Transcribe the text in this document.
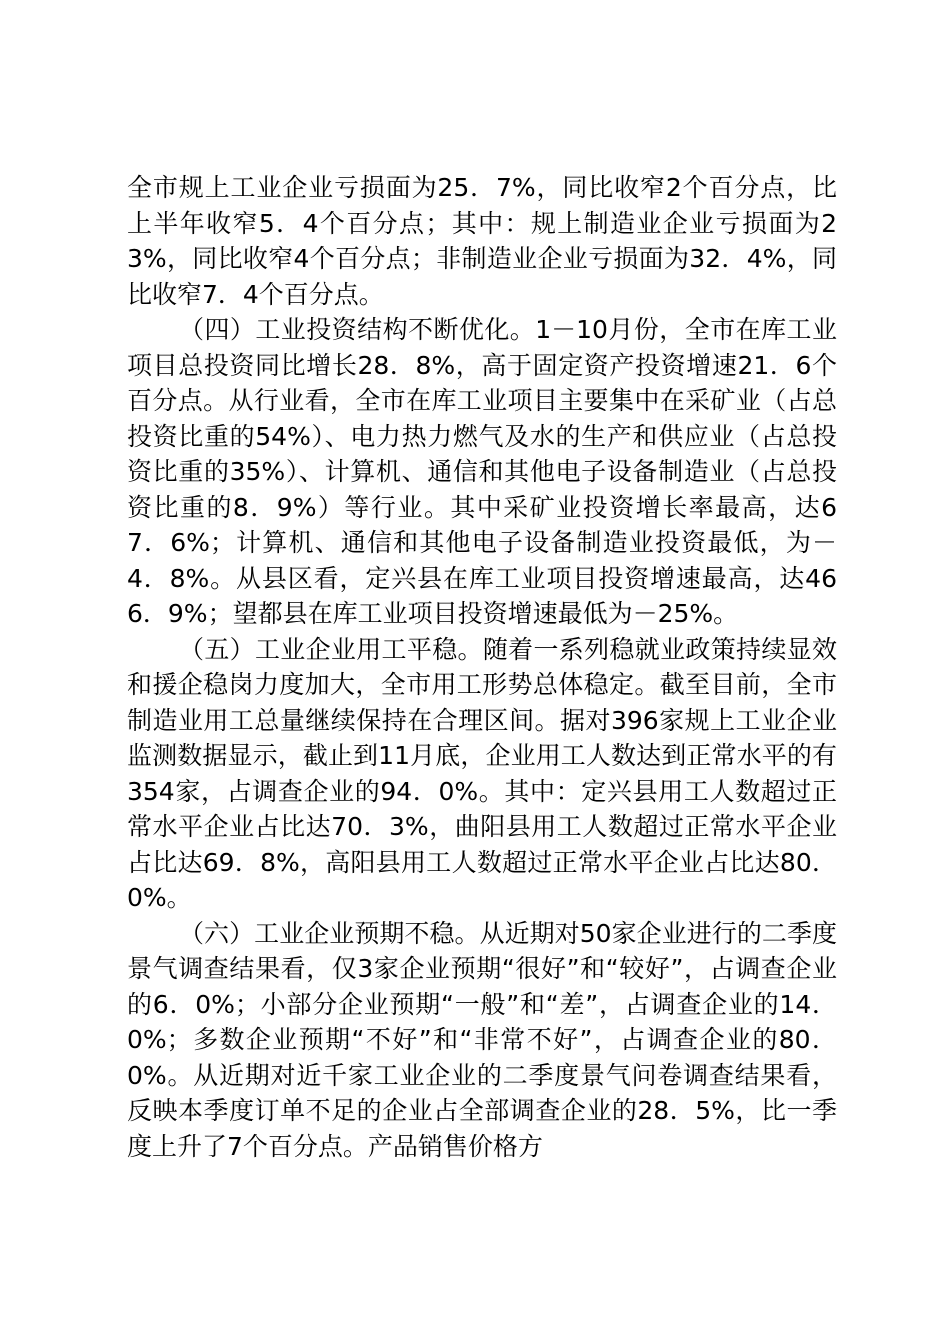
全市规上工业企业亏损面为25．7%，同比收窄2个百分点，比上半年收窄5．4个百分点；其中：规上制造业企业亏损面为23%，同比收窄4个百分点；非制造业企业亏损面为32．4%，同比收窄7．4个百分点。

（四）工业投资结构不断优化。1－10月份，全市在库工业项目总投资同比增长28．8%，高于固定资产投资增速21．6个百分点。从行业看，全市在库工业项目主要集中在采矿业（占总投资比重的54%）、电力热力燃气及水的生产和供应业（占总投资比重的35%）、计算机、通信和其他电子设备制造业（占总投资比重的8．9%）等行业。其中采矿业投资增长率最高，达67．6%；计算机、通信和其他电子设备制造业投资最低，为－4．8%。从县区看，定兴县在库工业项目投资增速最高，达466．9%；望都县在库工业项目投资增速最低为－25%。

（五）工业企业用工平稳。随着一系列稳就业政策持续显效和援企稳岗力度加大，全市用工形势总体稳定。截至目前，全市制造业用工总量继续保持在合理区间。据对396家规上工业企业监测数据显示，截止到11月底，企业用工人数达到正常水平的有354家，占调查企业的94．0%。其中：定兴县用工人数超过正常水平企业占比达70．3%，曲阳县用工人数超过正常水平企业占比达69．8%，高阳县用工人数超过正常水平企业占比达80．0%。

（六）工业企业预期不稳。从近期对50家企业进行的二季度景气调查结果看，仅3家企业预期“很好”和“较好”，占调查企业的6．0%；小部分企业预期“一般”和“差”，占调查企业的14．0%；多数企业预期“不好”和“非常不好”，占调查企业的80．0%。从近期对近千家工业企业的二季度景气问卷调查结果看，反映本季度订单不足的企业占全部调查企业的28．5%，比一季度上升了7个百分点。产品销售价格方
